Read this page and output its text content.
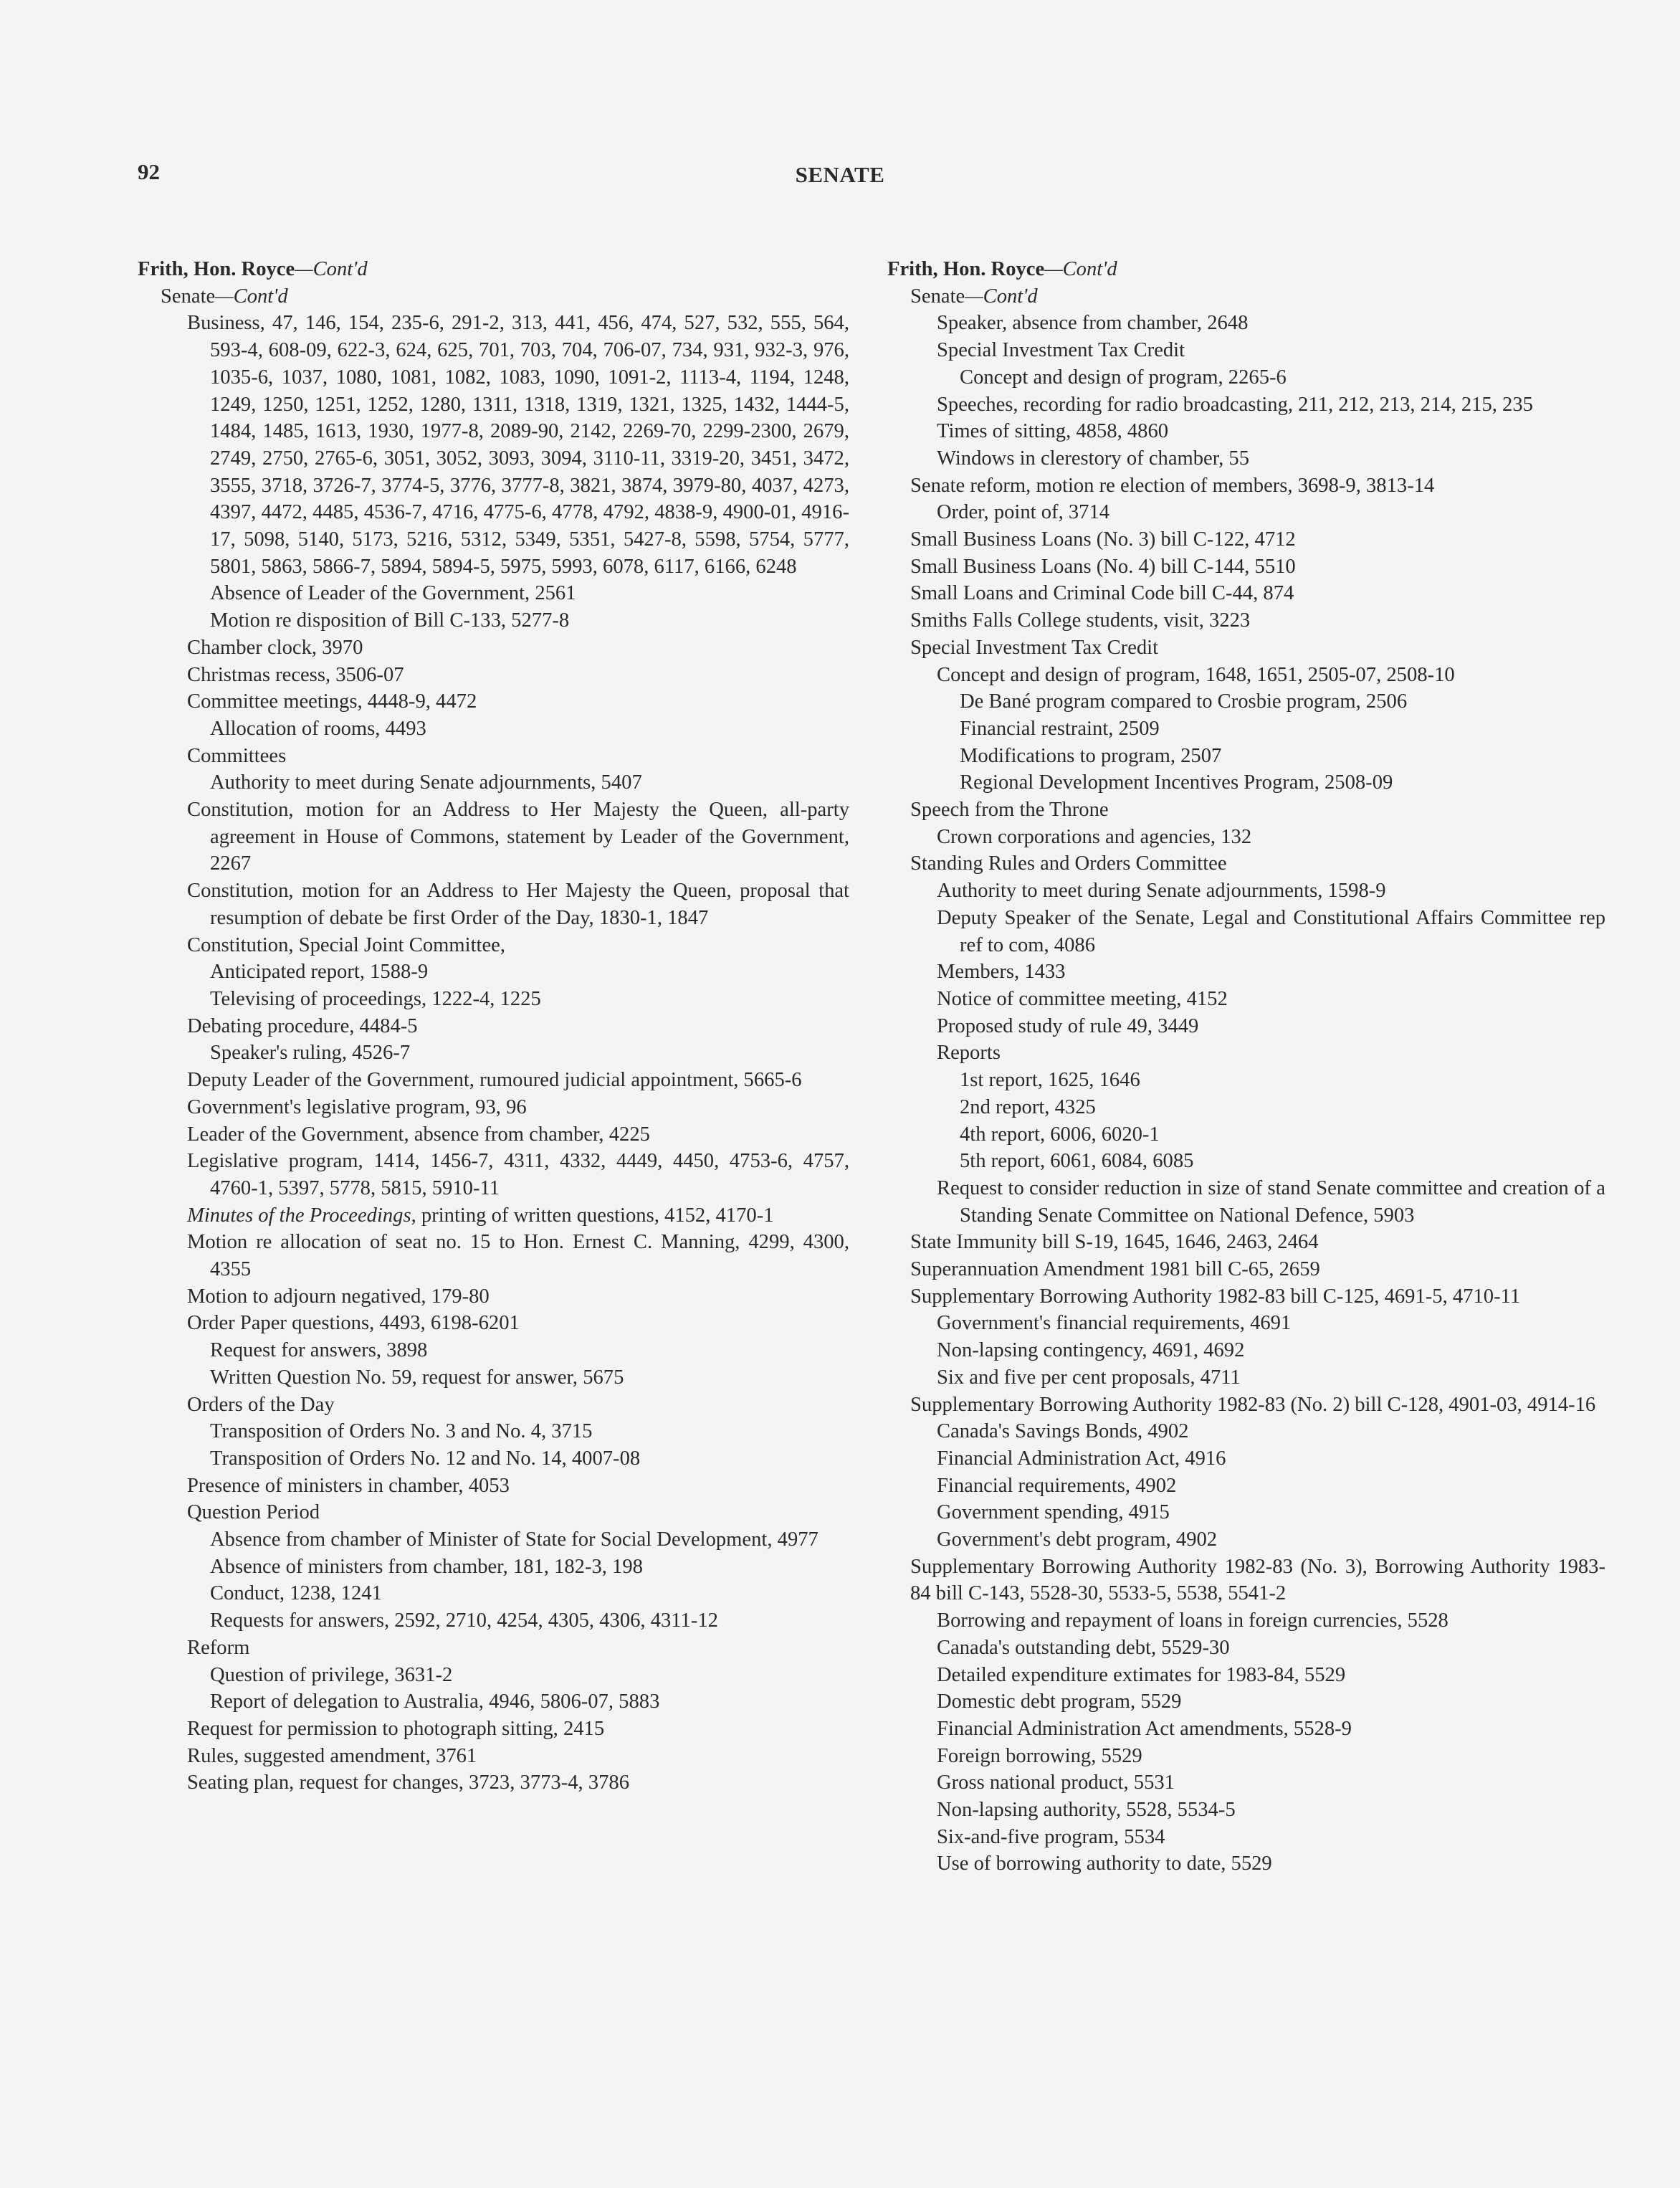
92	SENATE
Frith, Hon. Royce—Cont'd
Senate—Cont'd
Business, 47, 146, 154, 235-6, 291-2, 313, 441, 456, 474, 527, 532, 555, 564, 593-4, 608-09, 622-3, 624, 625, 701, 703, 704, 706-07, 734, 931, 932-3, 976, 1035-6, 1037, 1080, 1081, 1082, 1083, 1090, 1091-2, 1113-4, 1194, 1248, 1249, 1250, 1251, 1252, 1280, 1311, 1318, 1319, 1321, 1325, 1432, 1444-5, 1484, 1485, 1613, 1930, 1977-8, 2089-90, 2142, 2269-70, 2299-2300, 2679, 2749, 2750, 2765-6, 3051, 3052, 3093, 3094, 3110-11, 3319-20, 3451, 3472, 3555, 3718, 3726-7, 3774-5, 3776, 3777-8, 3821, 3874, 3979-80, 4037, 4273, 4397, 4472, 4485, 4536-7, 4716, 4775-6, 4778, 4792, 4838-9, 4900-01, 4916-17, 5098, 5140, 5173, 5216, 5312, 5349, 5351, 5427-8, 5598, 5754, 5777, 5801, 5863, 5866-7, 5894, 5894-5, 5975, 5993, 6078, 6117, 6166, 6248
Absence of Leader of the Government, 2561
Motion re disposition of Bill C-133, 5277-8
Chamber clock, 3970
Christmas recess, 3506-07
Committee meetings, 4448-9, 4472
Allocation of rooms, 4493
Committees
Authority to meet during Senate adjournments, 5407
Constitution, motion for an Address to Her Majesty the Queen, all-party agreement in House of Commons, statement by Leader of the Government, 2267
Constitution, motion for an Address to Her Majesty the Queen, proposal that resumption of debate be first Order of the Day, 1830-1, 1847
Constitution, Special Joint Committee,
Anticipated report, 1588-9
Televising of proceedings, 1222-4, 1225
Debating procedure, 4484-5
Speaker's ruling, 4526-7
Deputy Leader of the Government, rumoured judicial appointment, 5665-6
Government's legislative program, 93, 96
Leader of the Government, absence from chamber, 4225
Legislative program, 1414, 1456-7, 4311, 4332, 4449, 4450, 4753-6, 4757, 4760-1, 5397, 5778, 5815, 5910-11
Minutes of the Proceedings, printing of written questions, 4152, 4170-1
Motion re allocation of seat no. 15 to Hon. Ernest C. Manning, 4299, 4300, 4355
Motion to adjourn negatived, 179-80
Order Paper questions, 4493, 6198-6201
Request for answers, 3898
Written Question No. 59, request for answer, 5675
Orders of the Day
Transposition of Orders No. 3 and No. 4, 3715
Transposition of Orders No. 12 and No. 14, 4007-08
Presence of ministers in chamber, 4053
Question Period
Absence from chamber of Minister of State for Social Development, 4977
Absence of ministers from chamber, 181, 182-3, 198
Conduct, 1238, 1241
Requests for answers, 2592, 2710, 4254, 4305, 4306, 4311-12
Reform
Question of privilege, 3631-2
Report of delegation to Australia, 4946, 5806-07, 5883
Request for permission to photograph sitting, 2415
Rules, suggested amendment, 3761
Seating plan, request for changes, 3723, 3773-4, 3786
Frith, Hon. Royce—Cont'd
Senate—Cont'd
Speaker, absence from chamber, 2648
Special Investment Tax Credit
Concept and design of program, 2265-6
Speeches, recording for radio broadcasting, 211, 212, 213, 214, 215, 235
Times of sitting, 4858, 4860
Windows in clerestory of chamber, 55
Senate reform, motion re election of members, 3698-9, 3813-14
Order, point of, 3714
Small Business Loans (No. 3) bill C-122, 4712
Small Business Loans (No. 4) bill C-144, 5510
Small Loans and Criminal Code bill C-44, 874
Smiths Falls College students, visit, 3223
Special Investment Tax Credit
Concept and design of program, 1648, 1651, 2505-07, 2508-10
De Bané program compared to Crosbie program, 2506
Financial restraint, 2509
Modifications to program, 2507
Regional Development Incentives Program, 2508-09
Speech from the Throne
Crown corporations and agencies, 132
Standing Rules and Orders Committee
Authority to meet during Senate adjournments, 1598-9
Deputy Speaker of the Senate, Legal and Constitutional Affairs Committee rep ref to com, 4086
Members, 1433
Notice of committee meeting, 4152
Proposed study of rule 49, 3449
Reports
1st report, 1625, 1646
2nd report, 4325
4th report, 6006, 6020-1
5th report, 6061, 6084, 6085
Request to consider reduction in size of stand Senate committee and creation of a Standing Senate Committee on National Defence, 5903
State Immunity bill S-19, 1645, 1646, 2463, 2464
Superannuation Amendment 1981 bill C-65, 2659
Supplementary Borrowing Authority 1982-83 bill C-125, 4691-5, 4710-11
Government's financial requirements, 4691
Non-lapsing contingency, 4691, 4692
Six and five per cent proposals, 4711
Supplementary Borrowing Authority 1982-83 (No. 2) bill C-128, 4901-03, 4914-16
Canada's Savings Bonds, 4902
Financial Administration Act, 4916
Financial requirements, 4902
Government spending, 4915
Government's debt program, 4902
Supplementary Borrowing Authority 1982-83 (No. 3), Borrowing Authority 1983-84 bill C-143, 5528-30, 5533-5, 5538, 5541-2
Borrowing and repayment of loans in foreign currencies, 5528
Canada's outstanding debt, 5529-30
Detailed expenditure extimates for 1983-84, 5529
Domestic debt program, 5529
Financial Administration Act amendments, 5528-9
Foreign borrowing, 5529
Gross national product, 5531
Non-lapsing authority, 5528, 5534-5
Six-and-five program, 5534
Use of borrowing authority to date, 5529
